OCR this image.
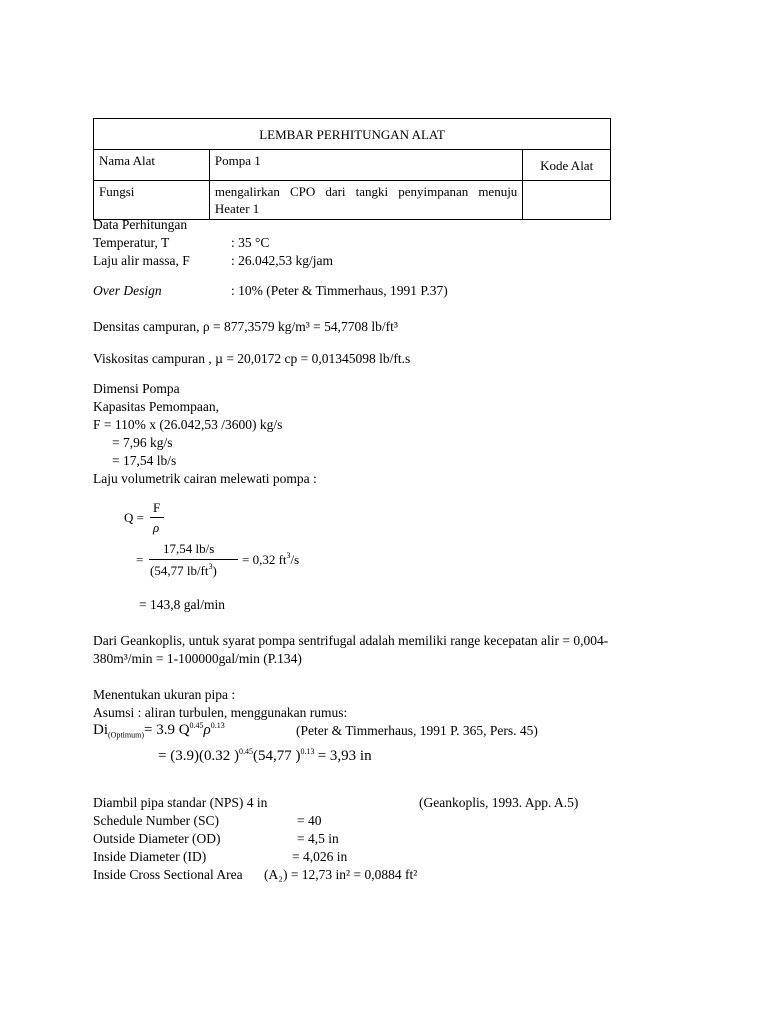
LEMBAR PERHITUNGAN ALAT		
Nama Alat	Pompa 1	Kode Alat
Fungsi	mengalirkan CPO dari tangki penyimpanan menuju Heater 1	
Data Perhitungan
Temperatur, T	: 35 °C
Laju alir massa, F	: 26.042,53 kg/jam
Over Design	: 10% (Peter & Timmerhaus, 1991 P.37)
Densitas campuran, ρ = 877,3579 kg/m³ = 54,7708 lb/ft³
Viskositas campuran , µ = 20,0172 cp = 0,01345098 lb/ft.s
Dimensi Pompa
Kapasitas Pemompaan,
F = 110% x (26.042,53 /3600) kg/s
= 7,96 kg/s
= 17,54 lb/s
Laju volumetrik cairan melewati pompa :
Q =
F
ρ
=
17,54 lb/s
(54,77 $lb/ft^3$)
= 0,32 $ft^3/s$
= 143,8 gal/min
Dari Geankoplis, untuk syarat pompa sentrifugal adalah memiliki range kecepatan alir = 0,004-
380m³/min = 1-100000gal/min (P.134)
Menentukan ukuran pipa :
Asumsi : aliran turbulen, menggunakan rumus:
$Di_{(Optimum)}= 3.9$ $Q^{0.45}\rho^{0.13}$	(Peter & Timmerhaus, 1991 P. 365, Pers. 45)
= (3.9)(0.32 )$^{0.45}$(54,77 )$^{0.13}$ = 3,93 in
Diambil pipa standar (NPS) 4 in	(Geankoplis, 1993. App. A.5)
Schedule Number (SC)	= 40
Outside Diameter (OD)	= 4,5 in
Inside Diameter (ID)	= 4,026 in
Inside Cross Sectional Area (A₂) = 12,73 in² = 0,0884 ft²
